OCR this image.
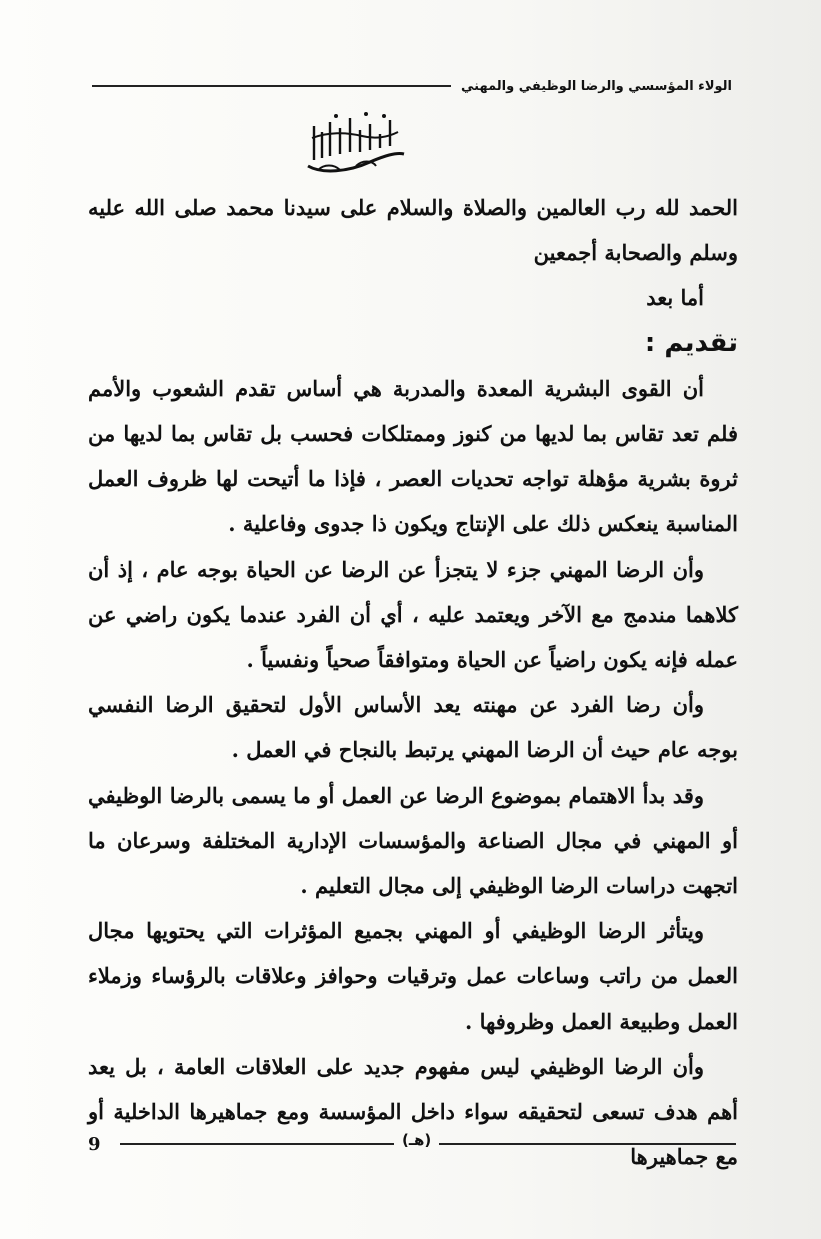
الولاء المؤسسي والرضا الوظيفي والمهني

الحمد لله رب العالمين والصلاة والسلام على سيدنا محمد صلى الله عليه وسلم والصحابة أجمعين

أما بعد

تقديم :

أن القوى البشرية المعدة والمدربة هي أساس تقدم الشعوب والأمم فلم تعد تقاس بما لديها من كنوز وممتلكات فحسب بل تقاس بما لديها من ثروة بشرية مؤهلة تواجه تحديات العصر ، فإذا ما أتيحت لها ظروف العمل المناسبة ينعكس ذلك على الإنتاج ويكون ذا جدوى وفاعلية .

وأن الرضا المهني جزء لا يتجزأ عن الرضا عن الحياة بوجه عام ، إذ أن كلاهما مندمج مع الآخر ويعتمد عليه ، أي أن الفرد عندما يكون راضي عن عمله فإنه يكون راضياً عن الحياة ومتوافقاً صحياً ونفسياً .

وأن رضا الفرد عن مهنته يعد الأساس الأول لتحقيق الرضا النفسي بوجه عام حيث أن الرضا المهني يرتبط بالنجاح في العمل .

وقد بدأ الاهتمام بموضوع الرضا عن العمل أو ما يسمى بالرضا الوظيفي أو المهني في مجال الصناعة والمؤسسات الإدارية المختلفة وسرعان ما اتجهت دراسات الرضا الوظيفي إلى مجال التعليم .

ويتأثر الرضا الوظيفي أو المهني بجميع المؤثرات التي يحتويها مجال العمل من راتب وساعات عمل وترقيات وحوافز وعلاقات بالرؤساء وزملاء العمل وطبيعة العمل وظروفها .

وأن الرضا الوظيفي ليس مفهوم جديد على العلاقات العامة ، بل يعد أهم هدف تسعى لتحقيقه سواء داخل المؤسسة ومع جماهيرها الداخلية أو مع جماهيرها

9	(هـ)
